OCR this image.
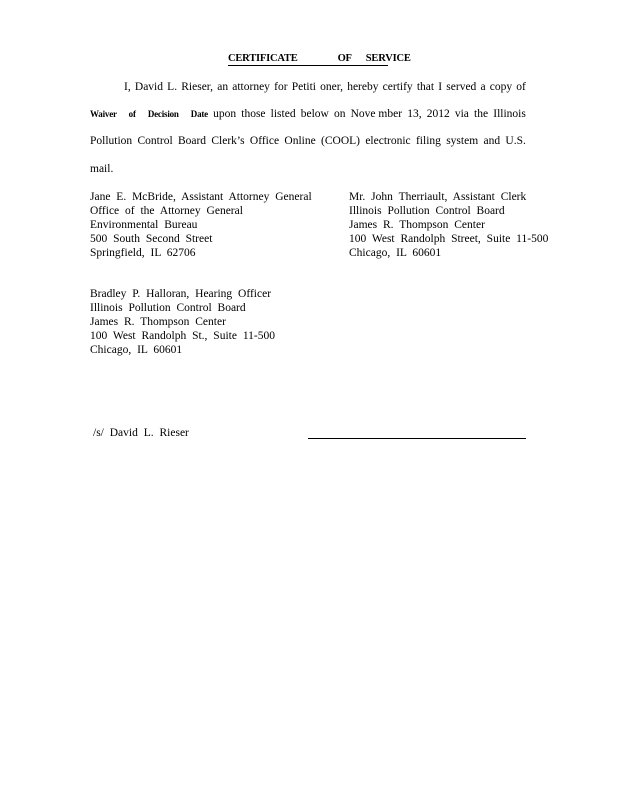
CERTIFICATE	OF SERVICE
I, David L. Rieser, an attorney for Petiti oner, hereby certify that I served a copy of
Waiver of Decision Date upon those listed below on Nove mber 13, 2012 via the Illinois
Pollution Control Board Clerk’s Office Online (COOL) electronic filing system and U.S.
mail.
Jane E. McBride, Assistant Attorney General
Office of the Attorney General
Environmental Bureau
500 South Second Street
Springfield, IL 62706
Mr. John Therriault, Assistant Clerk
Illinois Pollution Control Board
James R. Thompson Center
100 West Randolph Street, Suite 11-500
Chicago, IL 60601
Bradley P. Halloran, Hearing Officer
Illinois Pollution Control Board
James R. Thompson Center
100 West Randolph St., Suite 11-500
Chicago, IL 60601
/s/ David L. Rieser
